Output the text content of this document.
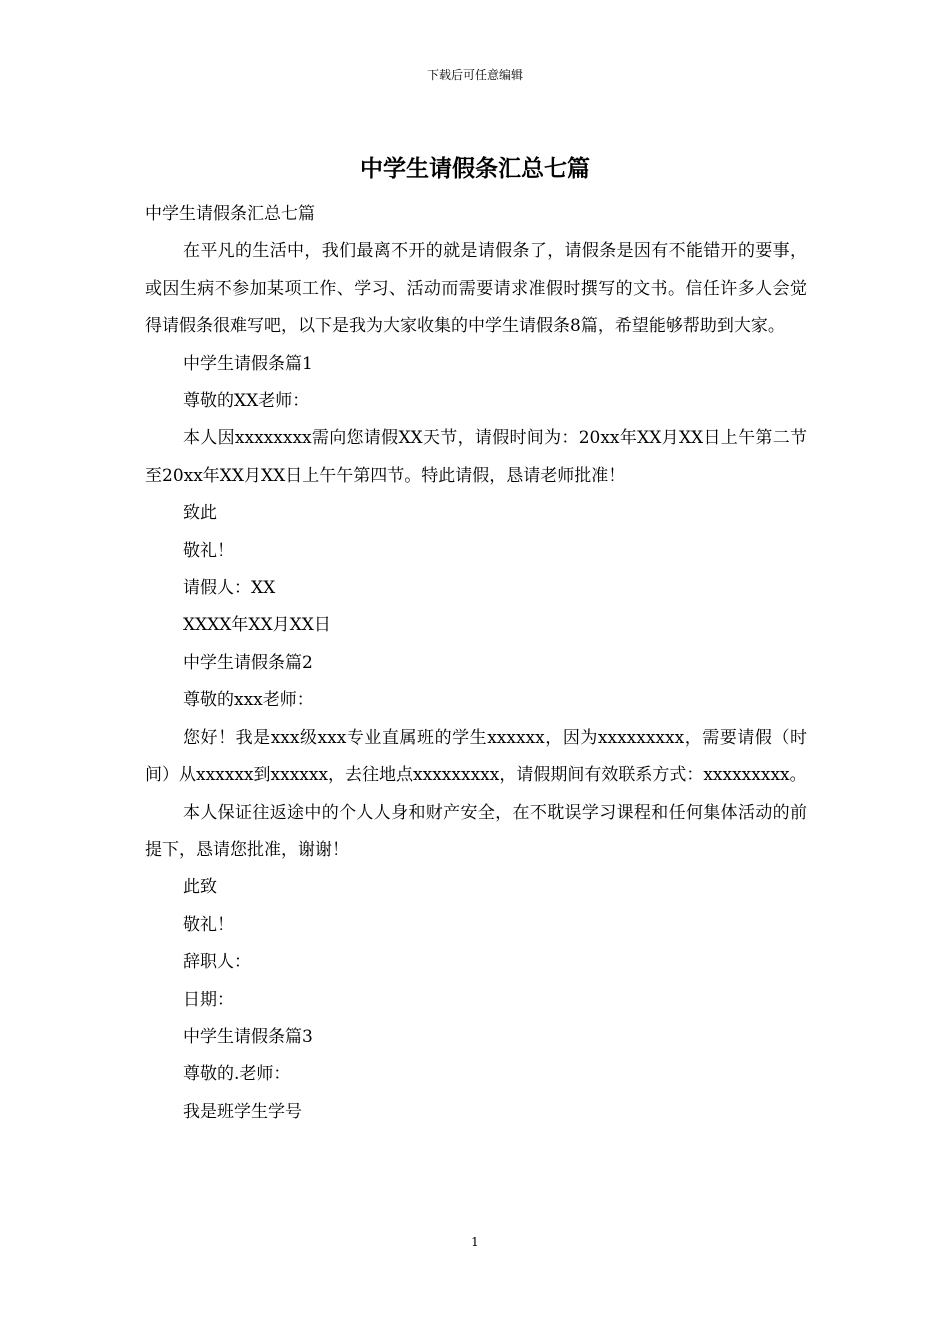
下载后可任意编辑
中学生请假条汇总七篇

中学生请假条汇总七篇

在平凡的生活中，我们最离不开的就是请假条了，请假条是因有不能错开的要事，或因生病不参加某项工作、学习、活动而需要请求准假时撰写的文书。信任许多人会觉得请假条很难写吧，以下是我为大家收集的中学生请假条8篇，希望能够帮助到大家。

中学生请假条篇1

尊敬的XX老师：

本人因xxxxxxxx需向您请假XX天节，请假时间为：20xx年XX月XX日上午第二节至20xx年XX月XX日上午午第四节。特此请假，恳请老师批准！

致此

敬礼！

请假人：XX

XXXX年XX月XX日

中学生请假条篇2

尊敬的xxx老师：

您好！我是xxx级xxx专业直属班的学生xxxxxx，因为xxxxxxxxx，需要请假（时间）从xxxxxx到xxxxxx，去往地点xxxxxxxxx，请假期间有效联系方式：xxxxxxxxx。

本人保证往返途中的个人人身和财产安全，在不耽误学习课程和任何集体活动的前提下，恳请您批准，谢谢！

此致

敬礼！

辞职人：

日期：

中学生请假条篇3

尊敬的.老师：

我是班学生学号

1
